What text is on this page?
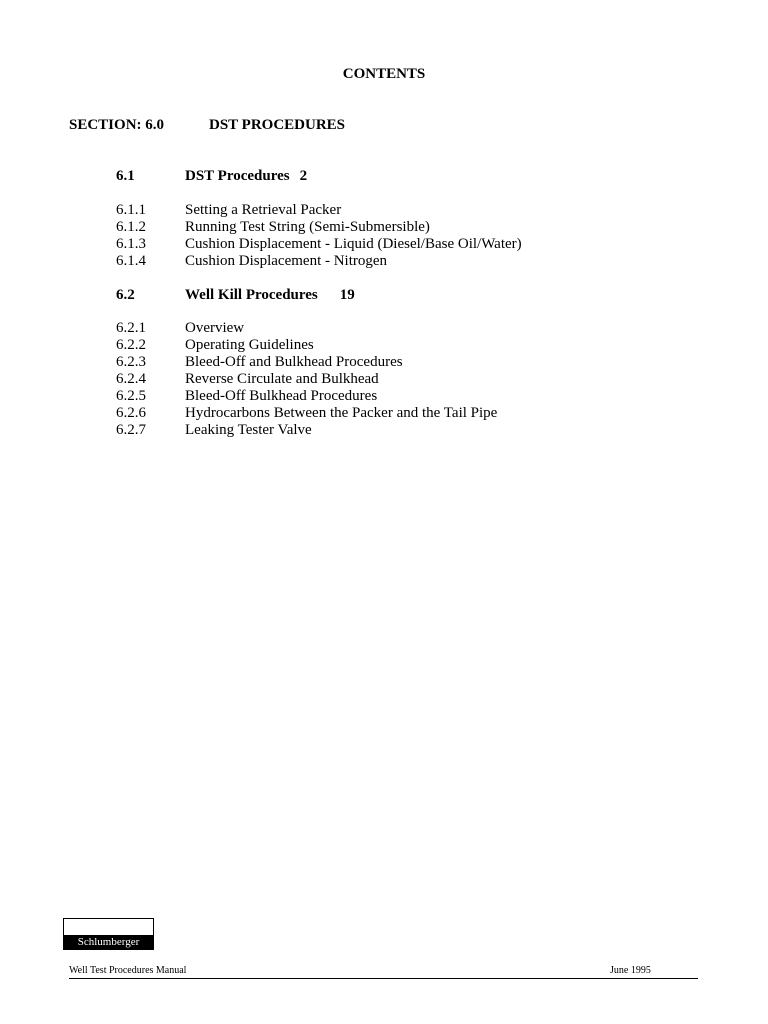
CONTENTS
SECTION: 6.0	DST PROCEDURES
6.1	DST Procedures 2
6.1.1	Setting a Retrieval Packer
6.1.2	Running Test String (Semi-Submersible)
6.1.3	Cushion Displacement - Liquid (Diesel/Base Oil/Water)
6.1.4	Cushion Displacement - Nitrogen
6.2	Well Kill Procedures 19
6.2.1	Overview
6.2.2	Operating Guidelines
6.2.3	Bleed-Off and Bulkhead Procedures
6.2.4	Reverse Circulate and Bulkhead
6.2.5	Bleed-Off Bulkhead Procedures
6.2.6	Hydrocarbons Between the Packer and the Tail Pipe
6.2.7	Leaking Tester Valve
Schlumberger
Well Test Procedures Manual	June 1995
